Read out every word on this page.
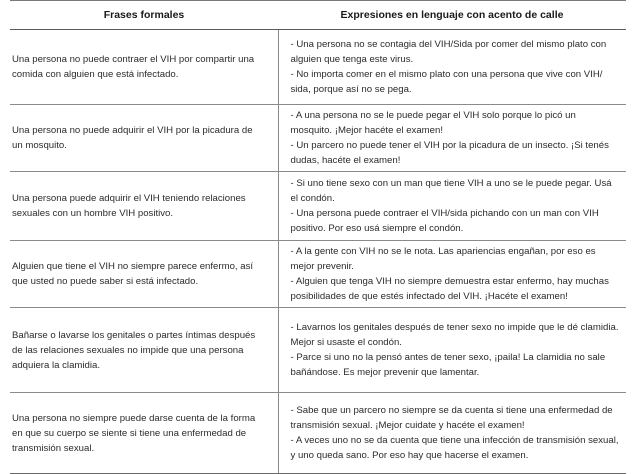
Frases formales	Expresiones en lenguaje con acento de calle
Una persona no puede contraer el VIH por compartir una comida con alguien que está infectado.	- Una persona no se contagia del VIH/Sida por comer del mismo plato con alguien que tenga este virus.
- No importa comer en el mismo plato con una persona que vive con VIH/ sida, porque así no se pega.

Una persona no puede adquirir el VIH por la picadura de un mosquito.	- A una persona no se le puede pegar el VIH solo porque lo picó un mosquito. ¡Mejor hacéte el examen!
- Un parcero no puede tener el VIH por la picadura de un insecto. ¡Si tenés dudas, hacéte el examen!

Una persona puede adquirir el VIH teniendo relaciones sexuales con un hombre VIH positivo.	- Si uno tiene sexo con un man que tiene VIH a uno se le puede pegar. Usá el condón.
- Una persona puede contraer el VIH/sida pichando con un man con VIH positivo. Por eso usá siempre el condón.

Alguien que tiene el VIH no siempre parece enfermo, así que usted no puede saber si está infectado.	- A la gente con VIH no se le nota. Las apariencias engañan, por eso es mejor prevenir.
- Alguien que tenga VIH no siempre demuestra estar enfermo, hay muchas posibilidades de que estés infectado del VIH. ¡Hacéte el examen!

Bañarse o lavarse los genitales o partes íntimas después de las relaciones sexuales no impide que una persona adquiera la clamidia.	- Lavarnos los genitales después de tener sexo no impide que le dé clamidia. Mejor si usaste el condón.
- Parce si uno no la pensó antes de tener sexo, ¡paila! La clamidia no sale bañándose. Es mejor prevenir que lamentar.

Una persona no siempre puede darse cuenta de la forma en que su cuerpo se siente si tiene una enfermedad de transmisión sexual.	- Sabe que un parcero no siempre se da cuenta si tiene una enfermedad de transmisión sexual. ¡Mejor cuidate y hacéte el examen!
- A veces uno no se da cuenta que tiene una infección de transmisión sexual, y uno queda sano. Por eso hay que hacerse el examen.
